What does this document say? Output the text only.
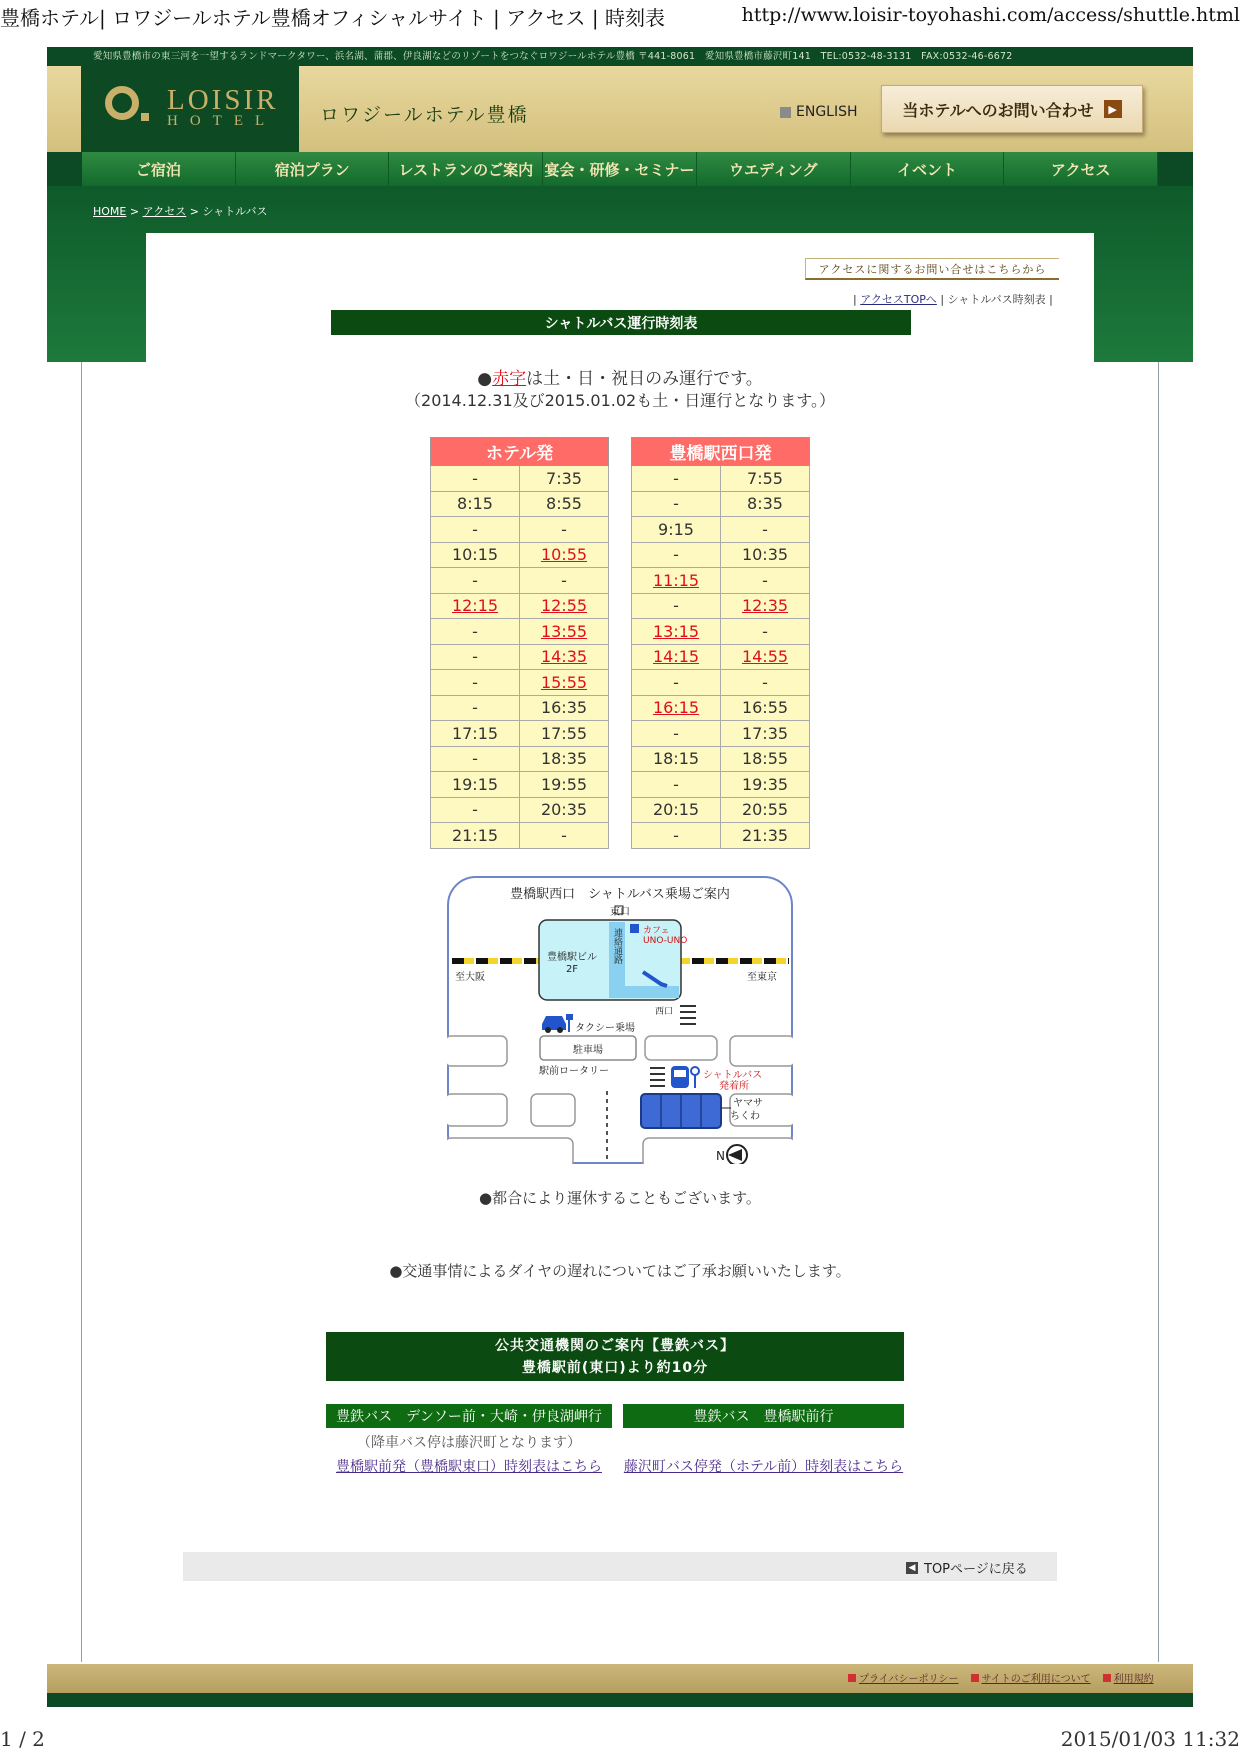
豊橋ホテル| ロワジールホテル豊橋オフィシャルサイト | アクセス | 時刻表	http://www.loisir-toyohashi.com/access/shuttle.html
1 / 2	2015/01/03 11:32
愛知県豊橋市の東三河を一望するランドマークタワー、浜名湖、蒲郡、伊良湖などのリゾートをつなぐロワジールホテル豊橋 〒441-8061　愛知県豊橋市藤沢町141　TEL:0532-48-3131　FAX:0532-46-6672
LOISIR
HOTEL ロワジールホテル豊橋	ENGLISH	当ホテルへのお問い合わせ	▶
ご宿泊	宿泊プラン	レストランのご案内 宴会・研修・セミナー	ウエディング	イベント	アクセス
HOME > アクセス > シャトルバス
アクセスに関するお問い合せはこちらから
| アクセスTOPへ | シャトルバス時刻表 |
シャトルバス運行時刻表
●赤字は土・日・祝日のみ運行です。
（2014.12.31及び2015.01.02も土・日運行となります。）
ホテル発	
-	7:35
8:15	8:55
-	-
10:15	10:55
-	-
12:15	12:55
-	13:55
-	14:35
-	15:55
-	16:35
17:15	17:55
-	18:35
19:15	19:55
-	20:35
21:15	-
豊橋駅西口発	
-	7:55
-	8:35
9:15	-
-	10:35
11:15	-
-	12:35
13:15	-
14:15	14:55
-	-
16:15	16:55
-	17:35
18:15	18:55
-	19:35
20:15	20:55
-	21:35
豊橋駅西口　シャトルバス乗場ご案内
東口
至大阪	至東京
豊橋駅ビル
2F
連絡通路 カフェ
UNO-UNO
西口
タクシー乗場
駐車場
駅前ロータリー	シャトルバス
発着所
ヤマサ
ちくわ
N
●都合により運休することもございます。
●交通事情によるダイヤの遅れについてはご了承お願いいたします。
公共交通機関のご案内【豊鉄バス】
豊橋駅前(東口)より約10分
豊鉄バス　デンソー前・大崎・伊良湖岬行	豊鉄バス　豊橋駅前行
（降車バス停は藤沢町となります）
豊橋駅前発（豊橋駅東口）時刻表はこちら	藤沢町バス停発（ホテル前）時刻表はこちら
◀ TOPページに戻る
プライバシーポリシー サイトのご利用について 利用規約
